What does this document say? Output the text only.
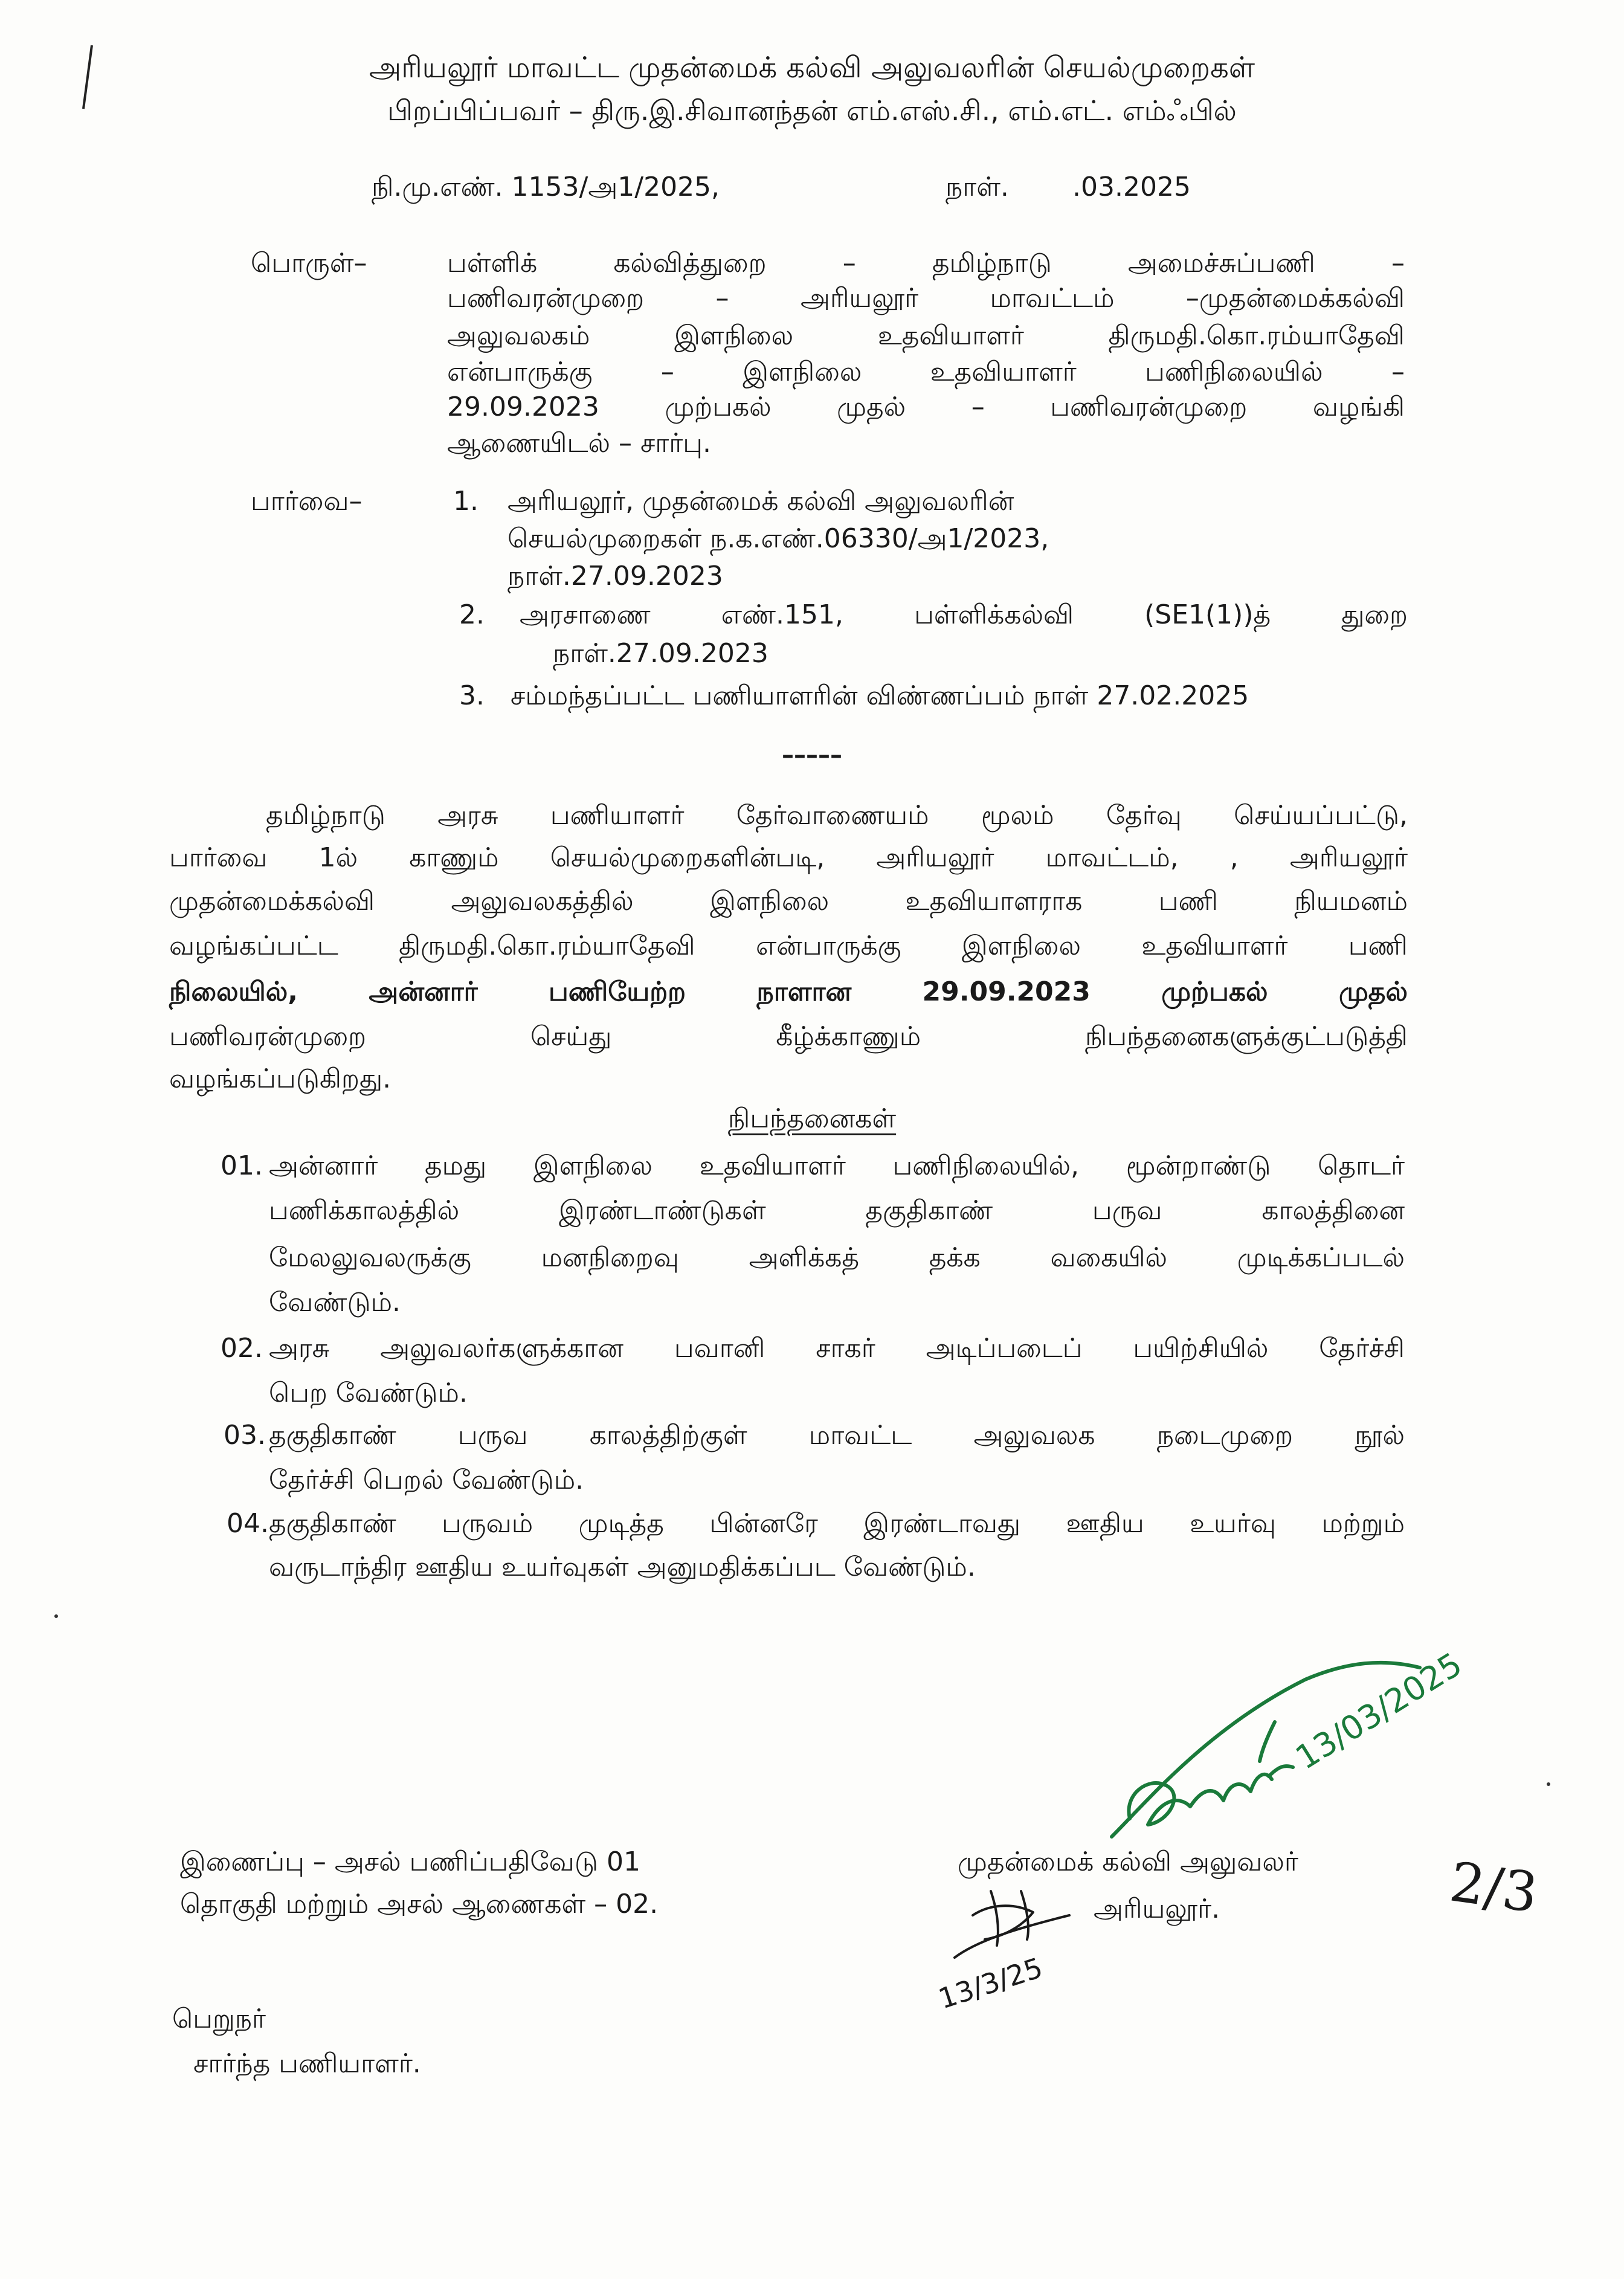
அரியலூர் மாவட்ட முதன்மைக் கல்வி அலுவலரின் செயல்முறைகள்
பிறப்பிப்பவர் – திரு.இ.சிவானந்தன் எம்.எஸ்.சி., எம்.எட். எம்ஃபில்
நி.மு.எண். 1153/அ1/2025,	நாள். .03.2025
பொருள்–	பள்ளிக் கல்வித்துறை – தமிழ்நாடு அமைச்சுப்பணி –
பணிவரன்முறை – அரியலூர் மாவட்டம் –முதன்மைக்கல்வி
அலுவலகம் இளநிலை உதவியாளர் திருமதி.கொ.ரம்யாதேவி
என்பாருக்கு – இளநிலை உதவியாளர் பணிநிலையில் –
29.09.2023 முற்பகல் முதல் – பணிவரன்முறை வழங்கி
ஆணையிடல் – சார்பு.
பார்வை–	1. அரியலூர், முதன்மைக் கல்வி அலுவலரின்
செயல்முறைகள் ந.க.எண்.06330/அ1/2023,
நாள்.27.09.2023
2. அரசாணை எண்.151, பள்ளிக்கல்வி (SE1(1))த் துறை
நாள்.27.09.2023
3. சம்மந்தப்பட்ட பணியாளரின் விண்ணப்பம் நாள் 27.02.2025
–––––
தமிழ்நாடு அரசு பணியாளர் தேர்வாணையம் மூலம் தேர்வு செய்யப்பட்டு,
பார்வை 1ல் காணும் செயல்முறைகளின்படி, அரியலூர் மாவட்டம், , அரியலூர்
முதன்மைக்கல்வி அலுவலகத்தில் இளநிலை உதவியாளராக பணி நியமனம்
வழங்கப்பட்ட திருமதி.கொ.ரம்யாதேவி என்பாருக்கு இளநிலை உதவியாளர் பணி
நிலையில், அன்னார் பணியேற்ற நாளான 29.09.2023 முற்பகல் முதல்
பணிவரன்முறை செய்து கீழ்க்காணும் நிபந்தனைகளுக்குட்படுத்தி
வழங்கப்படுகிறது.
நிபந்தனைகள்
01. அன்னார் தமது இளநிலை உதவியாளர் பணிநிலையில், மூன்றாண்டு தொடர்
பணிக்காலத்தில் இரண்டாண்டுகள் தகுதிகாண் பருவ காலத்தினை
மேலலுவலருக்கு மனநிறைவு அளிக்கத் தக்க வகையில் முடிக்கப்படல்
வேண்டும்.
02. அரசு அலுவலர்களுக்கான பவானி சாகர் அடிப்படைப் பயிற்சியில் தேர்ச்சி
பெற வேண்டும்.
03. தகுதிகாண் பருவ காலத்திற்குள் மாவட்ட அலுவலக நடைமுறை நூல்
தேர்ச்சி பெறல் வேண்டும்.
04. தகுதிகாண் பருவம் முடித்த பின்னரே இரண்டாவது ஊதிய உயர்வு மற்றும்
வருடாந்திர ஊதிய உயர்வுகள் அனுமதிக்கப்பட வேண்டும்.
13/03/2025
இணைப்பு – அசல் பணிப்பதிவேடு 01
தொகுதி மற்றும் அசல் ஆணைகள் – 02.
முதன்மைக் கல்வி அலுவலர்
அரியலூர்.
13/3/25
2/3
பெறுநர்
சார்ந்த பணியாளர்.
